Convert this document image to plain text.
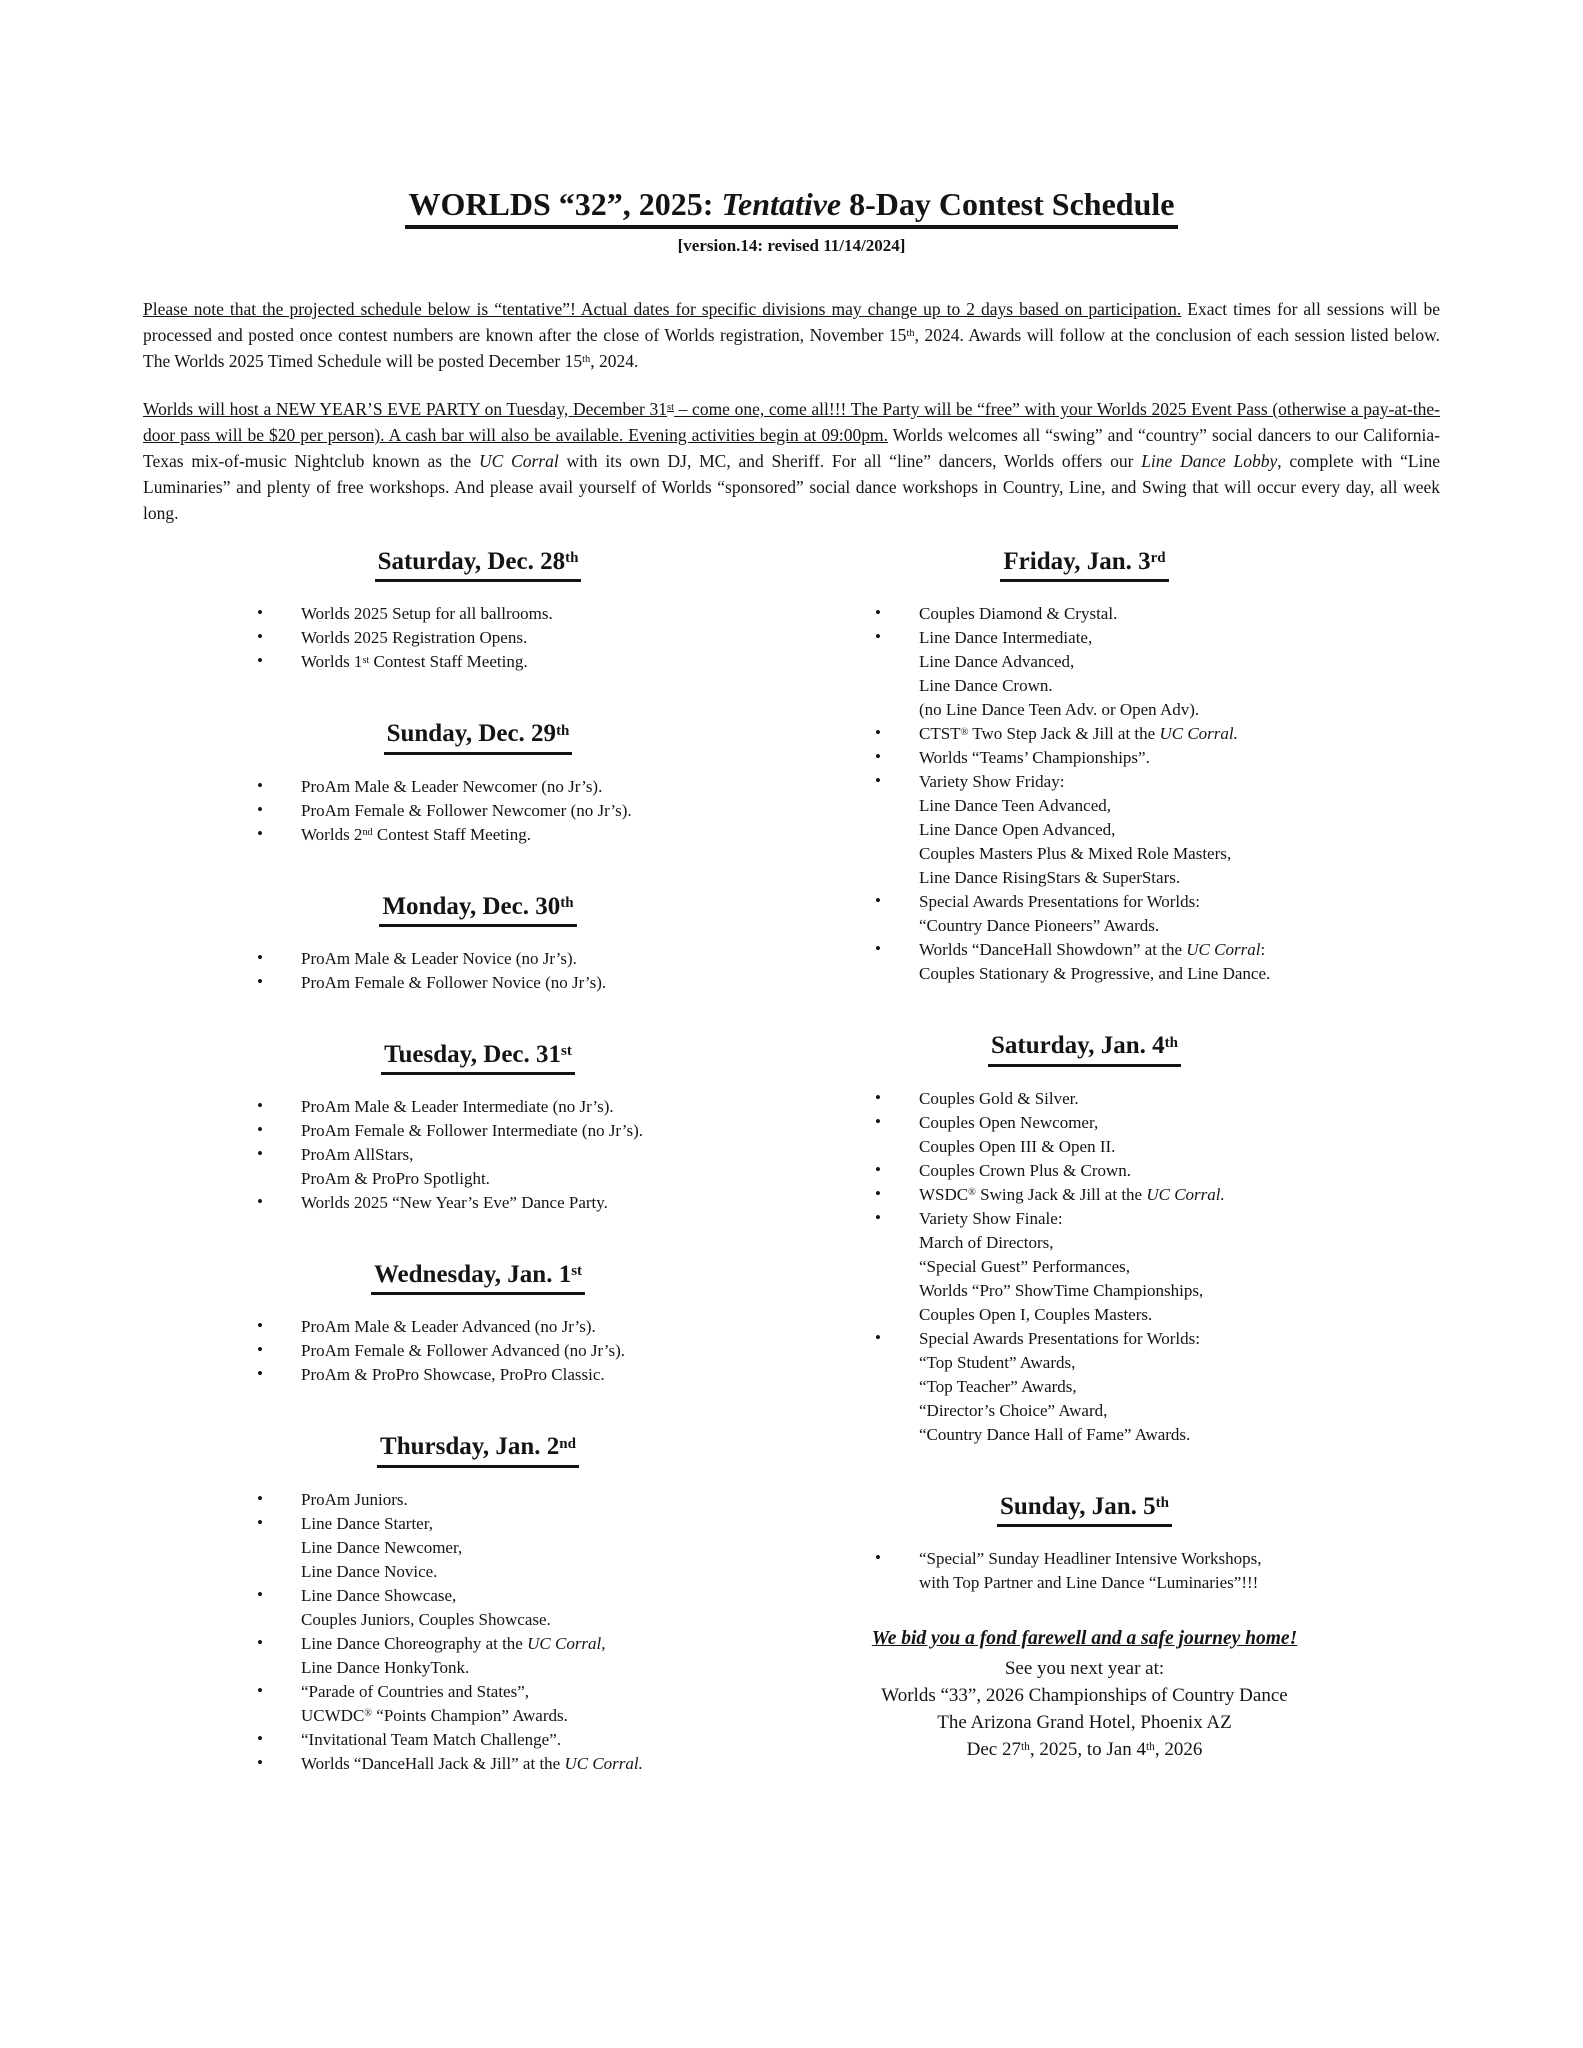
WORLDS “32”, 2025: Tentative 8-Day Contest Schedule
[version.14: revised 11/14/2024]

Please note that the projected schedule below is “tentative”! Actual dates for specific divisions may change up to 2 days based on participation. Exact times for all sessions will be processed and posted once contest numbers are known after the close of Worlds registration, November 15th, 2024. Awards will follow at the conclusion of each session listed below. The Worlds 2025 Timed Schedule will be posted December 15th, 2024.

Worlds will host a NEW YEAR’S EVE PARTY on Tuesday, December 31st – come one, come all!!! The Party will be “free” with your Worlds 2025 Event Pass (otherwise a pay-at-the-door pass will be $20 per person). A cash bar will also be available. Evening activities begin at 09:00pm. Worlds welcomes all “swing” and “country” social dancers to our California-Texas mix-of-music Nightclub known as the UC Corral with its own DJ, MC, and Sheriff. For all “line” dancers, Worlds offers our Line Dance Lobby, complete with “Line Luminaries” and plenty of free workshops. And please avail yourself of Worlds “sponsored” social dance workshops in Country, Line, and Swing that will occur every day, all week long.

Saturday, Dec. 28th
• Worlds 2025 Setup for all ballrooms.
• Worlds 2025 Registration Opens.
• Worlds 1st Contest Staff Meeting.
Sunday, Dec. 29th
• ProAm Male & Leader Newcomer (no Jr’s).
• ProAm Female & Follower Newcomer (no Jr’s).
• Worlds 2nd Contest Staff Meeting.
Monday, Dec. 30th
• ProAm Male & Leader Novice (no Jr’s).
• ProAm Female & Follower Novice (no Jr’s).
Tuesday, Dec. 31st
• ProAm Male & Leader Intermediate (no Jr’s).
• ProAm Female & Follower Intermediate (no Jr’s).
• ProAm AllStars,
ProAm & ProPro Spotlight.
• Worlds 2025 “New Year’s Eve” Dance Party.
Wednesday, Jan. 1st
• ProAm Male & Leader Advanced (no Jr’s).
• ProAm Female & Follower Advanced (no Jr’s).
• ProAm & ProPro Showcase, ProPro Classic.
Thursday, Jan. 2nd
• ProAm Juniors.
• Line Dance Starter,
Line Dance Newcomer,
Line Dance Novice.
• Line Dance Showcase,
Couples Juniors, Couples Showcase.
• Line Dance Choreography at the UC Corral,
Line Dance HonkyTonk.
• “Parade of Countries and States”,
UCWDC® “Points Champion” Awards.
• “Invitational Team Match Challenge”.
• Worlds “DanceHall Jack & Jill” at the UC Corral.
Friday, Jan. 3rd
• Couples Diamond & Crystal.
• Line Dance Intermediate,
Line Dance Advanced,
Line Dance Crown.
(no Line Dance Teen Adv. or Open Adv).
• CTST® Two Step Jack & Jill at the UC Corral.
• Worlds “Teams’ Championships”.
• Variety Show Friday:
Line Dance Teen Advanced,
Line Dance Open Advanced,
Couples Masters Plus & Mixed Role Masters,
Line Dance RisingStars & SuperStars.
• Special Awards Presentations for Worlds:
“Country Dance Pioneers” Awards.
• Worlds “DanceHall Showdown” at the UC Corral:
Couples Stationary & Progressive, and Line Dance.
Saturday, Jan. 4th
• Couples Gold & Silver.
• Couples Open Newcomer,
Couples Open III & Open II.
• Couples Crown Plus & Crown.
• WSDC® Swing Jack & Jill at the UC Corral.
• Variety Show Finale:
March of Directors,
“Special Guest” Performances,
Worlds “Pro” ShowTime Championships,
Couples Open I, Couples Masters.
• Special Awards Presentations for Worlds:
“Top Student” Awards,
“Top Teacher” Awards,
“Director’s Choice” Award,
“Country Dance Hall of Fame” Awards.
Sunday, Jan. 5th
• “Special” Sunday Headliner Intensive Workshops,
with Top Partner and Line Dance “Luminaries”!!!
We bid you a fond farewell and a safe journey home!
See you next year at:
Worlds “33”, 2026 Championships of Country Dance
The Arizona Grand Hotel, Phoenix AZ
Dec 27th, 2025, to Jan 4th, 2026
